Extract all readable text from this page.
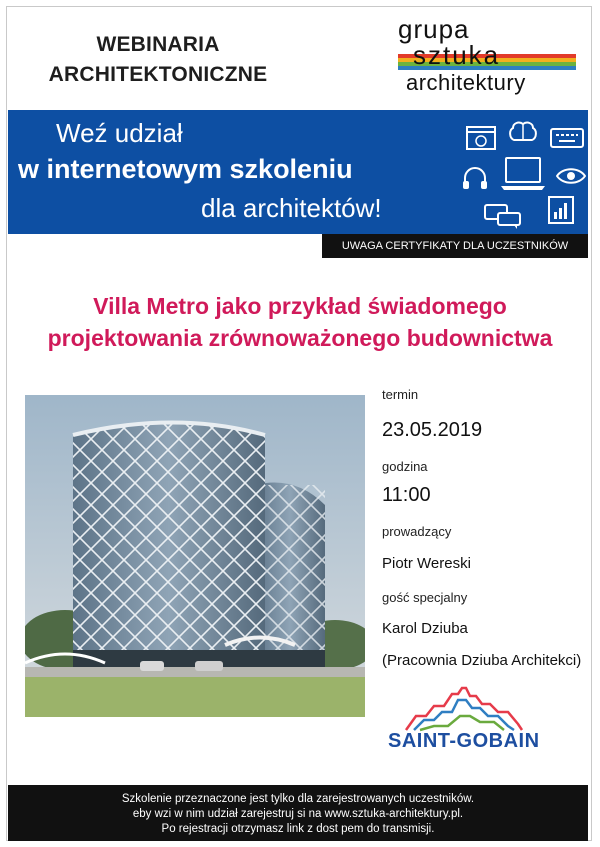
WEBINARIA
ARCHITEKTONICZNE
grupa
sztuka
architektury
Weź udział
w internetowym szkoleniu
dla architektów!
UWAGA CERTYFIKATY DLA UCZESTNIKÓW
Villa Metro jako przykład świadomego
projektowania zrównoważonego budownictwa
termin
23.05.2019
godzina
11:00
prowadzący
Piotr Wereski
gość specjalny
Karol Dziuba
(Pracownia Dziuba Architekci)
SAINT-GOBAIN
Szkolenie przeznaczone jest tylko dla zarejestrowanych uczestników.
eby wzi w nim udział zarejestruj si na www.sztuka-architektury.pl.
Po rejestracji otrzymasz link z dost pem do transmisji.
